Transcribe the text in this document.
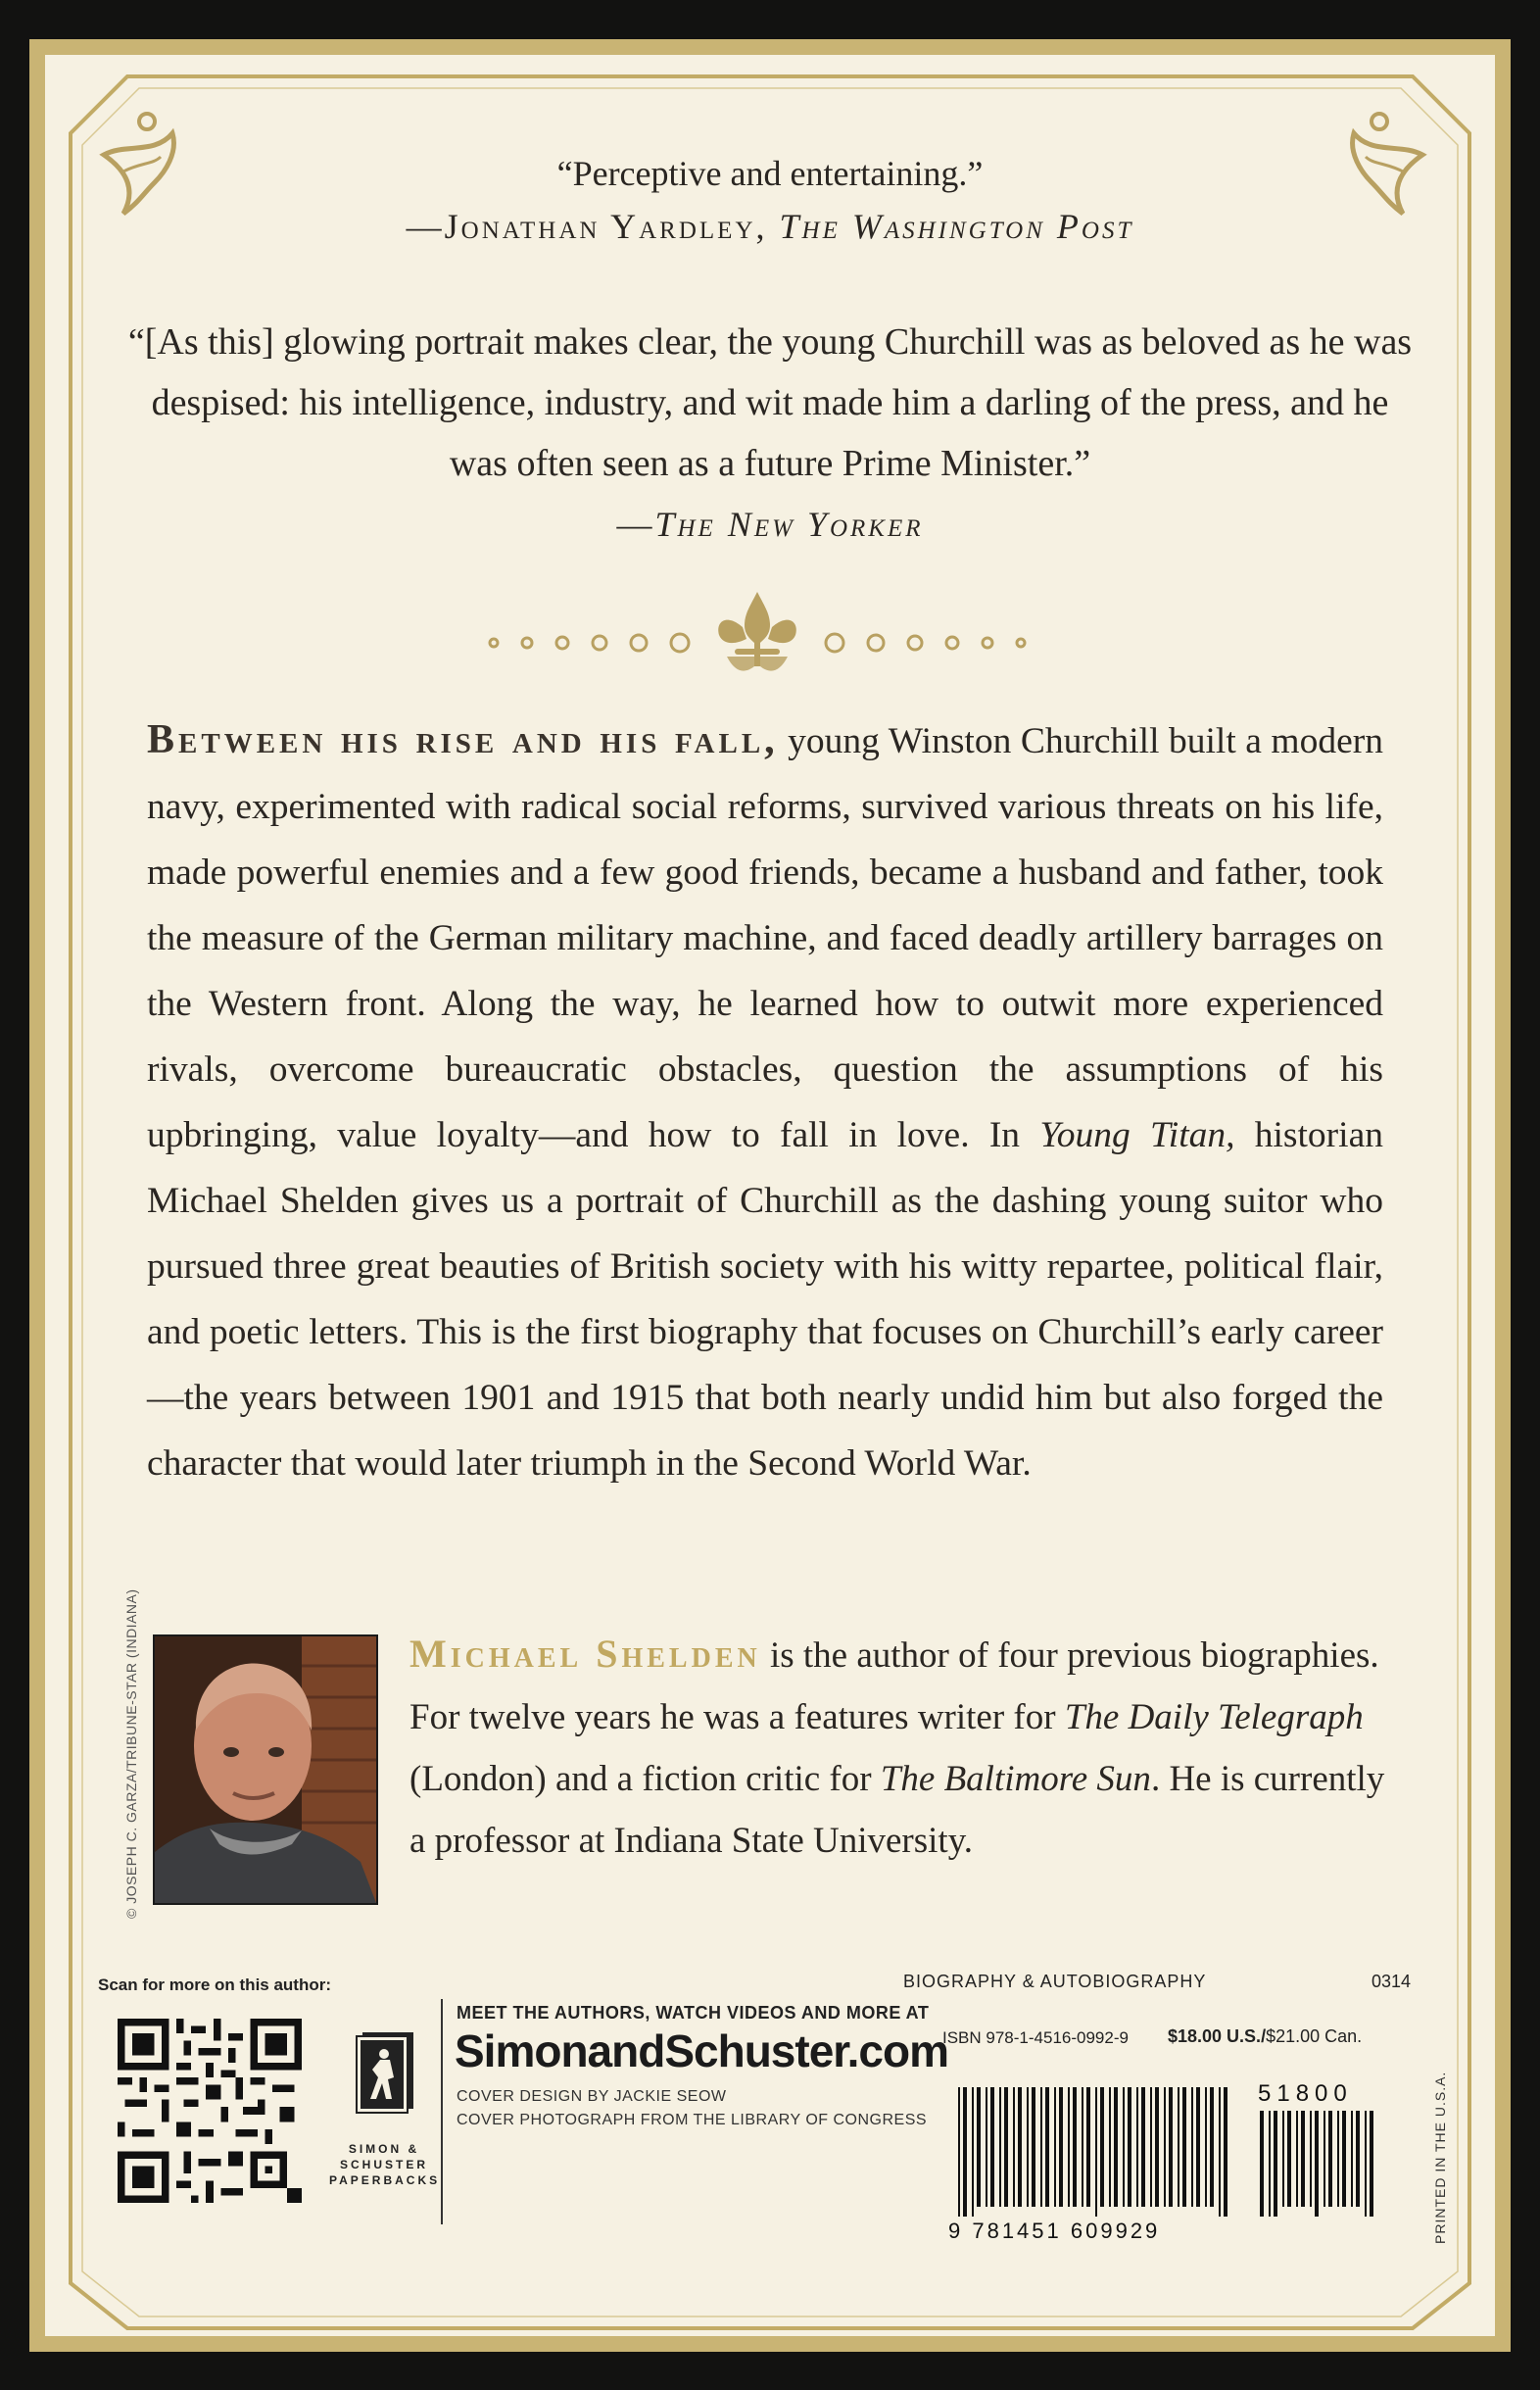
“Perceptive and entertaining.”
—Jonathan Yardley, The Washington Post
“[As this] glowing portrait makes clear, the young Churchill was as beloved as he was despised: his intelligence, industry, and wit made him a darling of the press, and he was often seen as a future Prime Minister.”
—The New Yorker
Between his rise and his fall, young Winston Churchill built a modern navy, experimented with radical social reforms, survived various threats on his life, made powerful enemies and a few good friends, became a husband and father, took the measure of the German military machine, and faced deadly artillery barrages on the Western front. Along the way, he learned how to outwit more experienced rivals, overcome bureaucratic obstacles, question the assumptions of his upbringing, value loyalty—and how to fall in love. In Young Titan, historian Michael Shelden gives us a portrait of Churchill as the dashing young suitor who pursued three great beauties of British society with his witty repartee, political flair, and poetic letters. This is the first biography that focuses on Churchill’s early career—the years between 1901 and 1915 that both nearly undid him but also forged the character that would later triumph in the Second World War.
© JOSEPH C. GARZA/TRIBUNE-STAR (INDIANA)	Michael Shelden is the author of four previous biographies. For twelve years he was a features writer for The Daily Telegraph (London) and a fiction critic for The Baltimore Sun. He is currently a professor at Indiana State University.
Scan for more on this author:
SIMON &
SCHUSTER
PAPERBACKS
MEET THE AUTHORS, WATCH VIDEOS AND MORE AT
SimonandSchuster.com
COVER DESIGN BY JACKIE SEOW
COVER PHOTOGRAPH FROM THE LIBRARY OF CONGRESS
BIOGRAPHY & AUTOBIOGRAPHY	0314
ISBN 978-1-4516-0992-9 $18.00 U.S./$21.00 Can.
9 781451 609929
51800	PRINTED IN THE U.S.A.
